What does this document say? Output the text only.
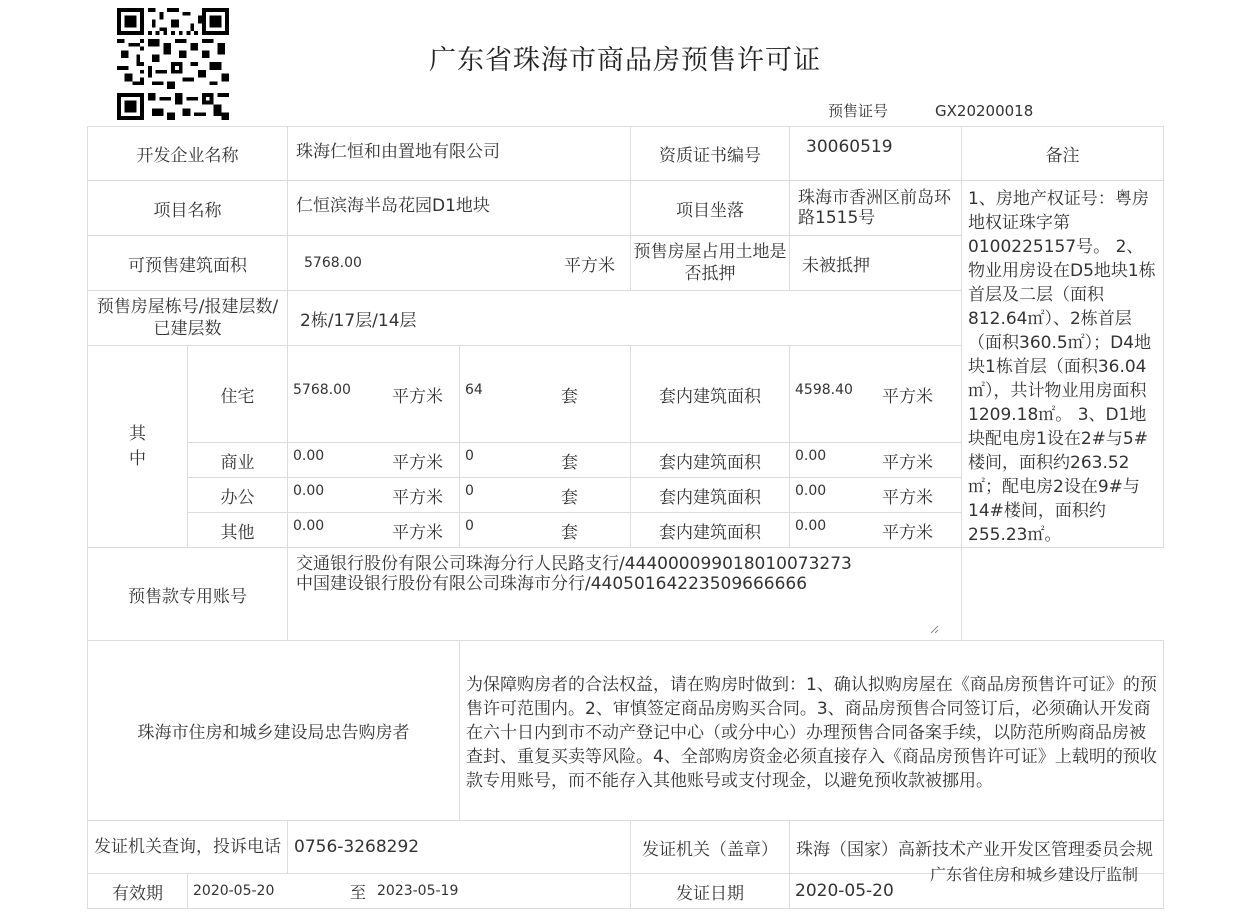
广东省珠海市商品房预售许可证
预售证号	GX20200018
开发企业名称		珠海仁恒和由置地有限公司		资质证书编号	30060519	备注
项目名称		仁恒滨海半岛花园D1地块		项目坐落	珠海市香洲区前岛环路1515号	1、房地产权证号：粤房地权证珠字第0100225157号。 2、物业用房设在D5地块1栋首层及二层（面积812.64㎡）、2栋首层（面积360.5㎡）；D4地块1栋首层（面积36.04㎡），共计物业用房面积1209.18㎡。 3、D1地块配电房1设在2#与5#楼间，面积约263.52㎡；配电房2设在9#与14#楼间，面积约255.23㎡。
可预售建筑面积		5768.00 平方米		预售房屋占用土地是否抵押	未被抵押	
预售房屋栋号/报建层数/已建层数		2栋/17层/14层				
其
中	住宅	5768.00 平方米	64 套	套内建筑面积	4598.40 平方米	

	商业	0.00 平方米	0 套	套内建筑面积	0.00 平方米	

	办公	0.00 平方米	0 套	套内建筑面积	0.00 平方米	

	其他	0.00 平方米	0 套	套内建筑面积	0.00 平方米	

预售款专用账号		交通银行股份有限公司珠海分行人民路支行/444000099018010073273
中国建设银行股份有限公司珠海市分行/440501642235096666​66				

珠海市住房和城乡建设局忠告购房者			为保障购房者的合法权益，请在购房时做到：1、确认拟购房屋在《商品房预售许可证》的预售许可范围内。2、审慎签定商品房购买合同。3、商品房预售合同签订后，必须确认开发商在六十日内到市不动产登记中心（或分中心）办理预售合同备案手续，以防范所购商品房被查封、重复买卖等风险。4、全部购房资金必须直接存入《商品房预售许可证》上载明的预收款专用账号，而不能存入其他账号或支付现金，以避免预收款被挪用。			
发证机关查询，投诉电话		0756-3268292		发证机关（盖章）	珠海（国家）高新技术产业开发区管理委员会规	
有效期	2020-05-20 至 2023-05-19			发证日期	2020-05-20	
广东省住房和城乡建设厅监制
